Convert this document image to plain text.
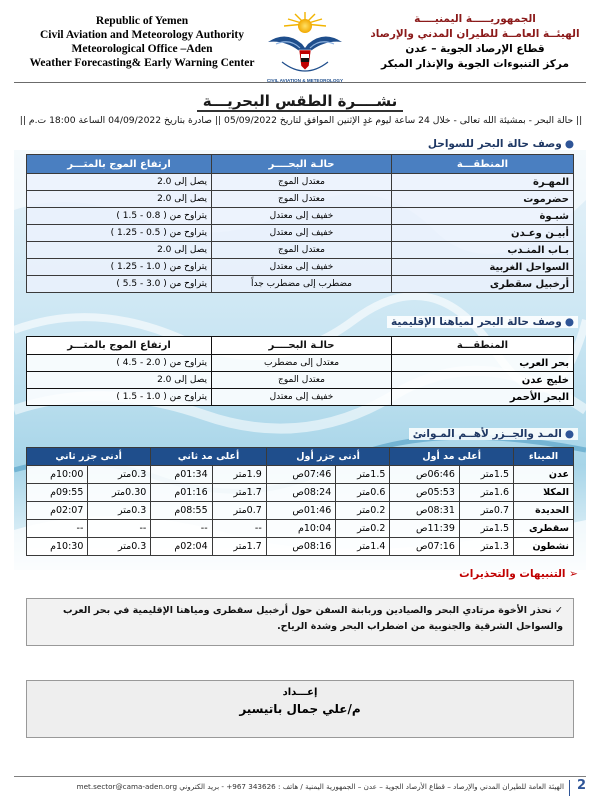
Republic of Yemen
Civil Aviation and Meteorology Authority
Meteorological Office –Aden
Weather Forecasting& Early Warning Center
CIVIL AVIATION & METEOROLOGY
الجمهوريـــــة اليمنيــــة
الهيئــة العامــة للطيران المدني والإرصاد
قطاع الإرصاد الجوية – عدن
مركز التنبوءات الجوية والإنذار المبكر
نشــــرة الطقس البحريـــة
|| حالة البحر - بمشيئة الله تعالى - خلال 24 ساعة ليوم غدٍ الإثنين الموافق لتاريخ 05/09/2022 || صادرة بتاريخ 04/09/2022 الساعة 18:00 ت.م ||
●وصف حالة البحر للسواحل
المنطقـــة	حالـة البحــــر	ارتفاع الموج بالمتـــر
المهـرة	معتدل الموج	يصل إلى 2.0
حضرموت	معتدل الموج	يصل إلى 2.0
شبـوة	خفيف إلى معتدل	يتراوح من ( 0.8 - 1.5 )
أبيـن وعـدن	خفيف إلى معتدل	يتراوح من ( 0.5 - 1.25 )
بـاب المنـدب	معتدل الموج	يصل إلى 2.0
السواحل الغربية	خفيف إلى معتدل	يتراوح من ( 1.0 - 1.25 )
أرخبيل سقطرى	مضطرب إلى مضطرب جداً	يتراوح من ( 3.0 - 5.5 )
●وصف حالة البحر لمياهنا الإقليمية
المنطقـــة	حالـة البحــــر	ارتفاع الموج بالمتـــر
بحر العرب	معتدل إلى مضطرب	يتراوح من ( 2.0 - 4.5 )
خليج عدن	معتدل الموج	يصل إلى 2.0
البحر الأحمر	خفيف إلى معتدل	يتراوح من ( 1.0 - 1.5 )
●المـد والجــزر لأهــم المـوانئ
الميناء	أعلى مد أول		أدنى جزر أول		أعلى مد ثاني		أدنى جزر ثاني	
عدن	1.5متر	06:46ص	1.5متر	07:46ص	1.9متر	01:34م	0.3متر	10:00م
المكلا	1.6متر	05:53ص	0.6متر	08:24ص	1.7متر	01:16م	0.30متر	09:55م
الحديدة	0.7متر	08:31ص	0.2متر	01:46ص	0.7متر	08:55م	0.3متر	02:07م
سقطرى	1.5متر	11:39ص	0.2متر	10:04م	--	--	--	--
نشطون	1.3متر	07:16ص	1.4متر	08:16ص	1.7متر	02:04م	0.3متر	10:30م
➢ التنبيهات والتحذيرات
✓ نحذر الأخوة مرتادي البحر والصيادين وربابنة السفن حول أرخبيل سقطرى ومياهنا الإقليمية في بحر العرب والسواحل الشرقية والجنوبية من اضطراب البحر وشدة الرياح.
إعـــداد
م/علي جمال باتيسير
2
الهيئة العامة للطيران المدني والإرصاد – قطاع الأرصاد الجوية – عدن – الجمهورية اليمنية / هاتف : 343626 967+ - بريد الكتروني met.sector@cama-aden.org
